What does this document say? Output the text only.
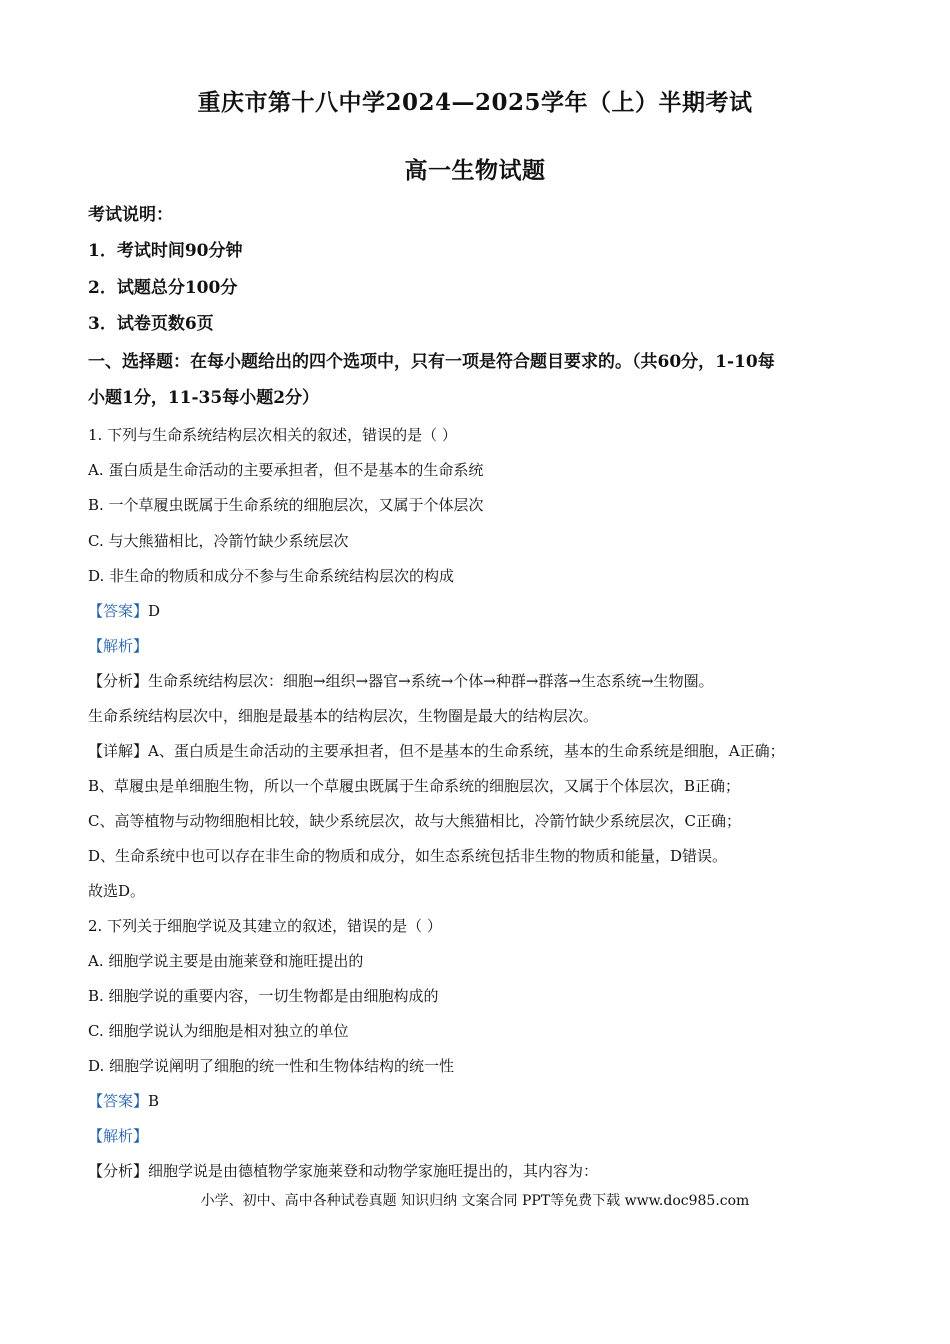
重庆市第十八中学2024—2025学年（上）半期考试
高一生物试题
考试说明：
1．考试时间90分钟
2．试题总分100分
3．试卷页数6页
一、选择题：在每小题给出的四个选项中，只有一项是符合题目要求的。（共60分，1-10每
小题1分，11-35每小题2分）
1. 下列与生命系统结构层次相关的叙述，错误的是（ ）
A. 蛋白质是生命活动的主要承担者，但不是基本的生命系统
B. 一个草履虫既属于生命系统的细胞层次，又属于个体层次
C. 与大熊猫相比，冷箭竹缺少系统层次
D. 非生命的物质和成分不参与生命系统结构层次的构成
【答案】D
【解析】
【分析】生命系统结构层次：细胞→组织→器官→系统→个体→种群→群落→生态系统→生物圈。
生命系统结构层次中，细胞是最基本的结构层次，生物圈是最大的结构层次。
【详解】A、蛋白质是生命活动的主要承担者，但不是基本的生命系统，基本的生命系统是细胞，A正确；
B、草履虫是单细胞生物，所以一个草履虫既属于生命系统的细胞层次，又属于个体层次，B正确；
C、高等植物与动物细胞相比较，缺少系统层次，故与大熊猫相比，冷箭竹缺少系统层次，C正确；
D、生命系统中也可以存在非生命的物质和成分，如生态系统包括非生物的物质和能量，D错误。
故选D。
2. 下列关于细胞学说及其建立的叙述，错误的是（ ）
A. 细胞学说主要是由施莱登和施旺提出的
B. 细胞学说的重要内容，一切生物都是由细胞构成的
C. 细胞学说认为细胞是相对独立的单位
D. 细胞学说阐明了细胞的统一性和生物体结构的统一性
【答案】B
【解析】
【分析】细胞学说是由德植物学家施莱登和动物学家施旺提出的，其内容为：
小学、初中、高中各种试卷真题 知识归纳 文案合同 PPT等免费下载 www.doc985.com
